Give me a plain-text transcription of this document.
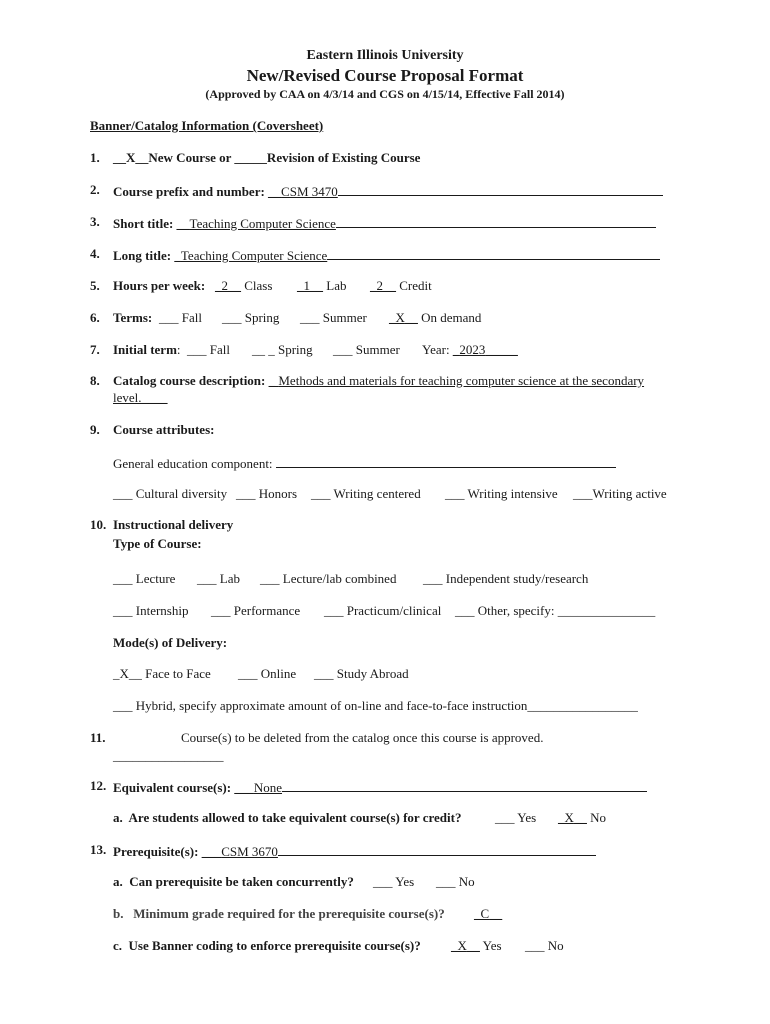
Eastern Illinois University
New/Revised Course Proposal Format
(Approved by CAA on 4/3/14 and CGS on 4/15/14, Effective Fall 2014)
Banner/Catalog Information (Coversheet)
1. __X__New Course or _____Revision of Existing Course
2. Course prefix and number: __CSM 3470
3. Short title: __Teaching Computer Science
4. Long title: _Teaching Computer Science
5. Hours per week: _2__ Class _1__ Lab _2__ Credit
6. Terms: ___ Fall ___ Spring ___ Summer _X__ On demand
7. Initial term: ___ Fall __ _ Spring ___ Summer Year: _2023_____
8. Catalog course description: _ Methods and materials for teaching computer science at the secondary
level.____
9. Course attributes:
General education component:
___ Cultural diversity ___ Honors ___ Writing centered ___ Writing intensive ___Writing active
10. Instructional delivery
Type of Course:
___ Lecture ___ Lab ___ Lecture/lab combined ___ Independent study/research
___ Internship ___ Performance ___ Practicum/clinical ___ Other, specify: _______________
Mode(s) of Delivery:
_X__ Face to Face ___ Online ___ Study Abroad
___ Hybrid, specify approximate amount of on-line and face-to-face instruction_________________
11.	Course(s) to be deleted from the catalog once this course is approved.
_________________
12. Equivalent course(s): ___None
a.  Are students allowed to take equivalent course(s) for credit?	___ Yes _X__ No
13. Prerequisite(s): ___CSM 3670
a.  Can prerequisite be taken concurrently? ___ Yes ___ No
b.   Minimum grade required for the prerequisite course(s)? _C__
c.  Use Banner coding to enforce prerequisite course(s)? _X__ Yes ___ No
